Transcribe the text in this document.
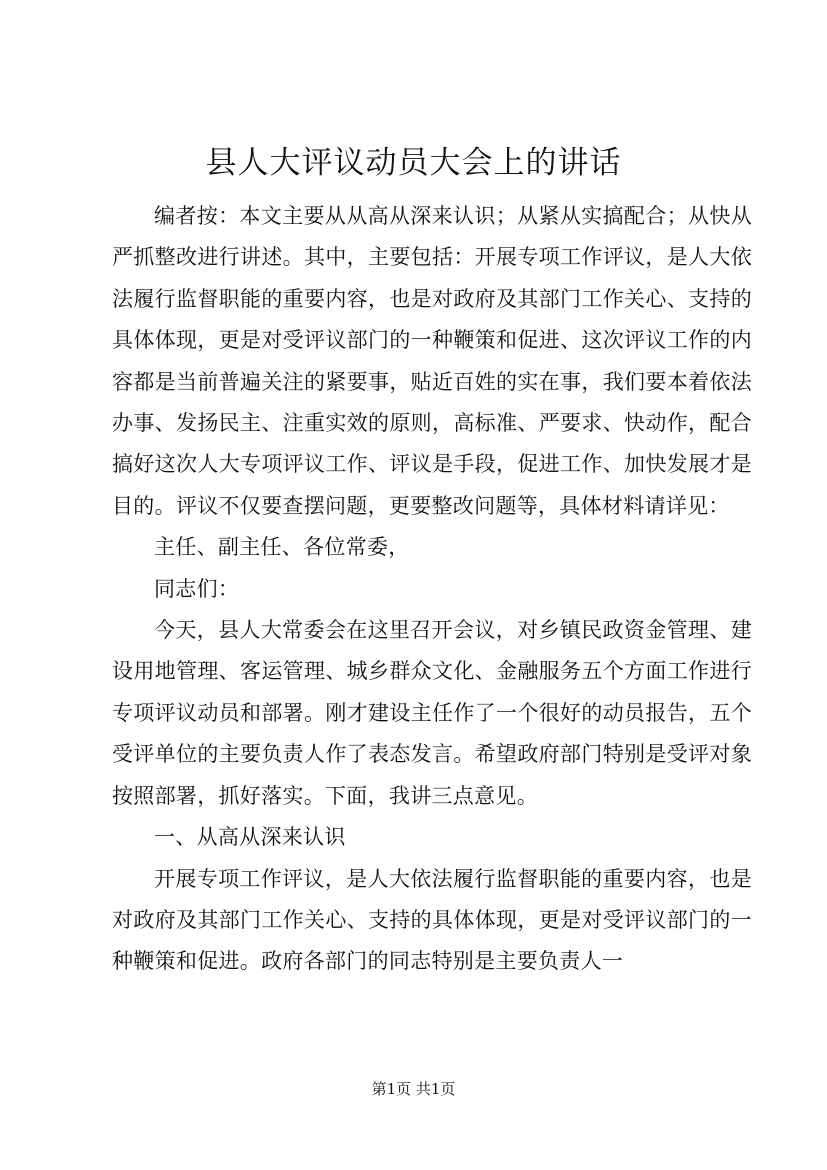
县人大评议动员大会上的讲话

编者按：本文主要从从高从深来认识；从紧从实搞配合；从快从严抓整改进行讲述。其中，主要包括：开展专项工作评议，是人大依法履行监督职能的重要内容，也是对政府及其部门工作关心、支持的具体体现，更是对受评议部门的一种鞭策和促进、这次评议工作的内容都是当前普遍关注的紧要事，贴近百姓的实在事，我们要本着依法办事、发扬民主、注重实效的原则，高标准、严要求、快动作，配合搞好这次人大专项评议工作、评议是手段，促进工作、加快发展才是目的。评议不仅要查摆问题，更要整改问题等，具体材料请详见：

主任、副主任、各位常委，

同志们：

今天，县人大常委会在这里召开会议，对乡镇民政资金管理、建设用地管理、客运管理、城乡群众文化、金融服务五个方面工作进行专项评议动员和部署。刚才建设主任作了一个很好的动员报告，五个受评单位的主要负责人作了表态发言。希望政府部门特别是受评对象按照部署，抓好落实。下面，我讲三点意见。

一、从高从深来认识

开展专项工作评议，是人大依法履行监督职能的重要内容，也是对政府及其部门工作关心、支持的具体体现，更是对受评议部门的一种鞭策和促进。政府各部门的同志特别是主要负责人一

第1页 共1页
